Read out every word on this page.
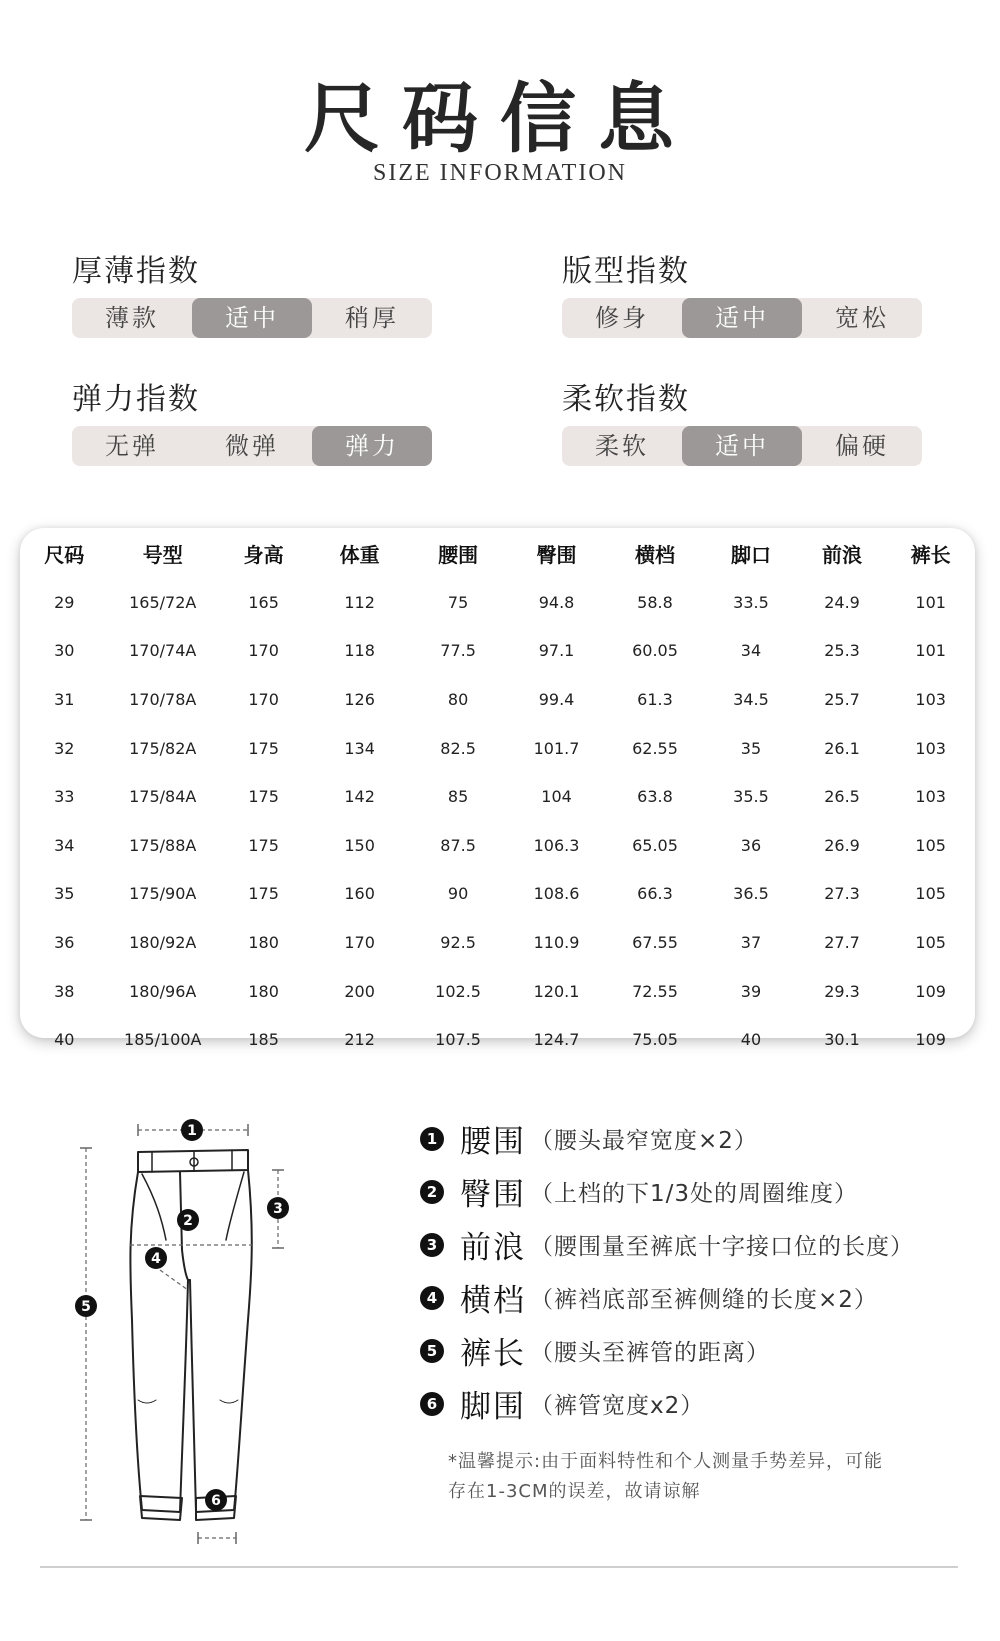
尺码信息
SIZE INFORMATION
厚薄指数
薄款	适中	稍厚
版型指数
修身	适中	宽松
弹力指数
无弹	微弹	弹力
柔软指数
柔软	适中	偏硬
尺码	号型	身高	体重	腰围	臀围	横档	脚口	前浪	裤长
29	165/72A	165	112	75	94.8	58.8	33.5	24.9	101
30	170/74A	170	118	77.5	97.1	60.05	34	25.3	101
31	170/78A	170	126	80	99.4	61.3	34.5	25.7	103
32	175/82A	175	134	82.5	101.7	62.55	35	26.1	103
33	175/84A	175	142	85	104	63.8	35.5	26.5	103
34	175/88A	175	150	87.5	106.3	65.05	36	26.9	105
35	175/90A	175	160	90	108.6	66.3	36.5	27.3	105
36	180/92A	180	170	92.5	110.9	67.55	37	27.7	105
38	180/96A	180	200	102.5	120.1	72.55	39	29.3	109
40	185/100A	185	212	107.5	124.7	75.05	40	30.1	109
1
2
3
4
5
6
1 腰围 （腰头最窄宽度×2）
2 臀围 （上档的下1/3处的周圈维度）
3 前浪 （腰围量至裤底十字接口位的长度）
4 横档 （裤裆底部至裤侧缝的长度×2）
5 裤长 （腰头至裤管的距离）
6 脚围 （裤管宽度x2）
*温馨提示:由于面料特性和个人测量手势差异，可能
存在1-3CM的误差，故请谅解
